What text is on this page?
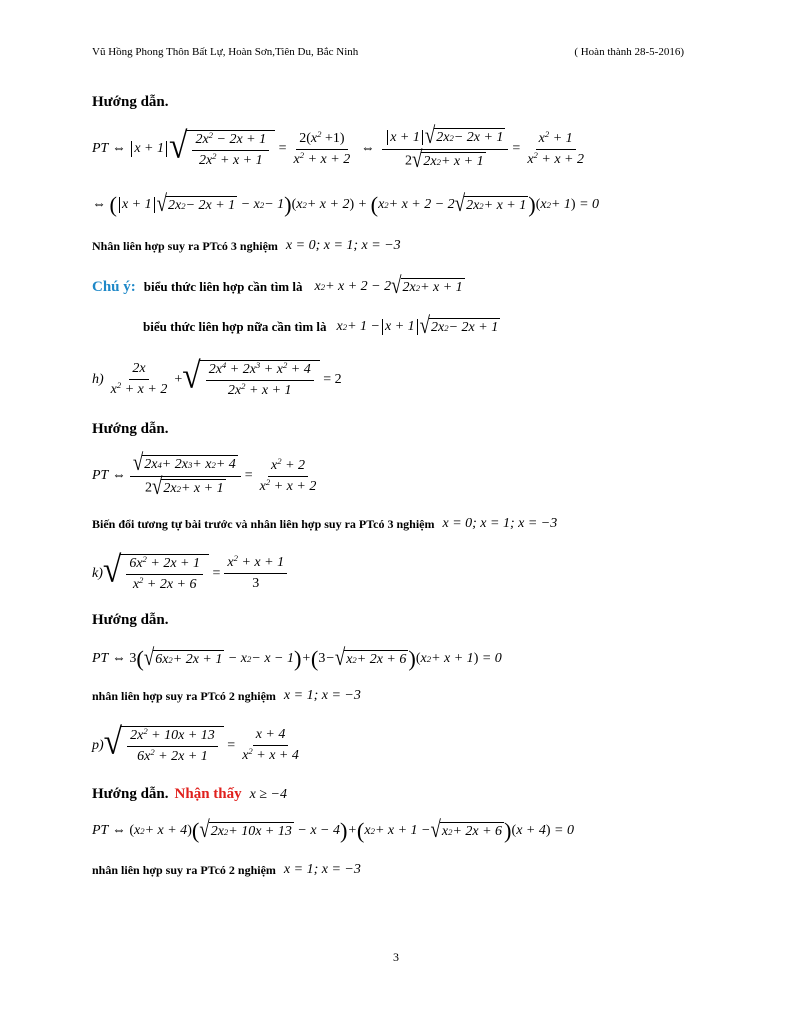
Vũ Hồng Phong Thôn Bất Lự, Hoàn Sơn,Tiên Du, Bắc Ninh	( Hoàn thành 28-5-2016)
Hướng dẫn.
PT
⇔
x + 1 √ $\frac{2x^2 - 2x + 1}{2x^2 + x + 1}$
= $\frac{2(x^2 +1)}{x^2 + x + 2}$
⇔
$\frac{x + 1 √ 2x 2 - 2x + 1}{2 √ 2x 2 + x + 1} = \frac{x^2 + 1}{x^2 + x + 2}$
⇔
( x + 1 √ 2x 2 − 2x + 1 − x 2 − 1 ) ( x 2 + x + 2 ) + ( x 2 + x + 2 − 2 √ 2x 2 + x + 1 ) ( x 2 + 1 ) = 0
Nhân liên hợp suy ra PTcó 3 nghiệm x = 0; x = 1; x = −3
Chú ý: biểu thức liên hợp cần tìm là x 2 + x + 2 − 2 √ 2x 2 + x + 1
biểu thức liên hợp nữa cần tìm là x 2 + 1 − x + 1 √ 2x 2 − 2x + 1
$h) \frac{2x}{x^2 + x + 2}$ + √ $\frac{2x^4 + 2x^3 + x^2 + 4}{2x^2 + x + 1}$
= 2
Hướng dẫn.
PT
⇔ $\frac{√ 2x 4 + 2x 3 + x 2 + 4}{2 √ 2x 2 + x + 1} = \frac{x^2 + 2}{x^2 + x + 2}$
Biến đổi tương tự bài trước và nhân liên hợp suy ra PTcó 3 nghiệm x = 0; x = 1; x = −3
k) √ $\frac{6x^2 + 2x + 1}{x^2 + 2x + 6}$
= $\frac{x^2 + x + 1}{3}$
Hướng dẫn.
PT
⇔ 3 ( √ 6x 2 + 2x + 1 − x 2 − x − 1 ) + ( 3 − √ x 2 + 2x + 6 ) ( x 2 + x + 1 ) = 0
nhân liên hợp suy ra PTcó 2 nghiệm x = 1; x = −3
p) √ $\frac{2x^2 + 10x + 13}{6x^2 + 2x + 1}$
= $\frac{x + 4}{x^2 + x + 4}$
Hướng dẫn. Nhận thấy x ≥ −4
PT
⇔ ( x 2 + x + 4 ) ( √ 2x 2 + 10x + 13 − x − 4 ) + ( x 2 + x + 1 − √ x 2 + 2x + 6 ) ( x + 4 ) = 0
nhân liên hợp suy ra PTcó 2 nghiệm x = 1; x = −3
3
